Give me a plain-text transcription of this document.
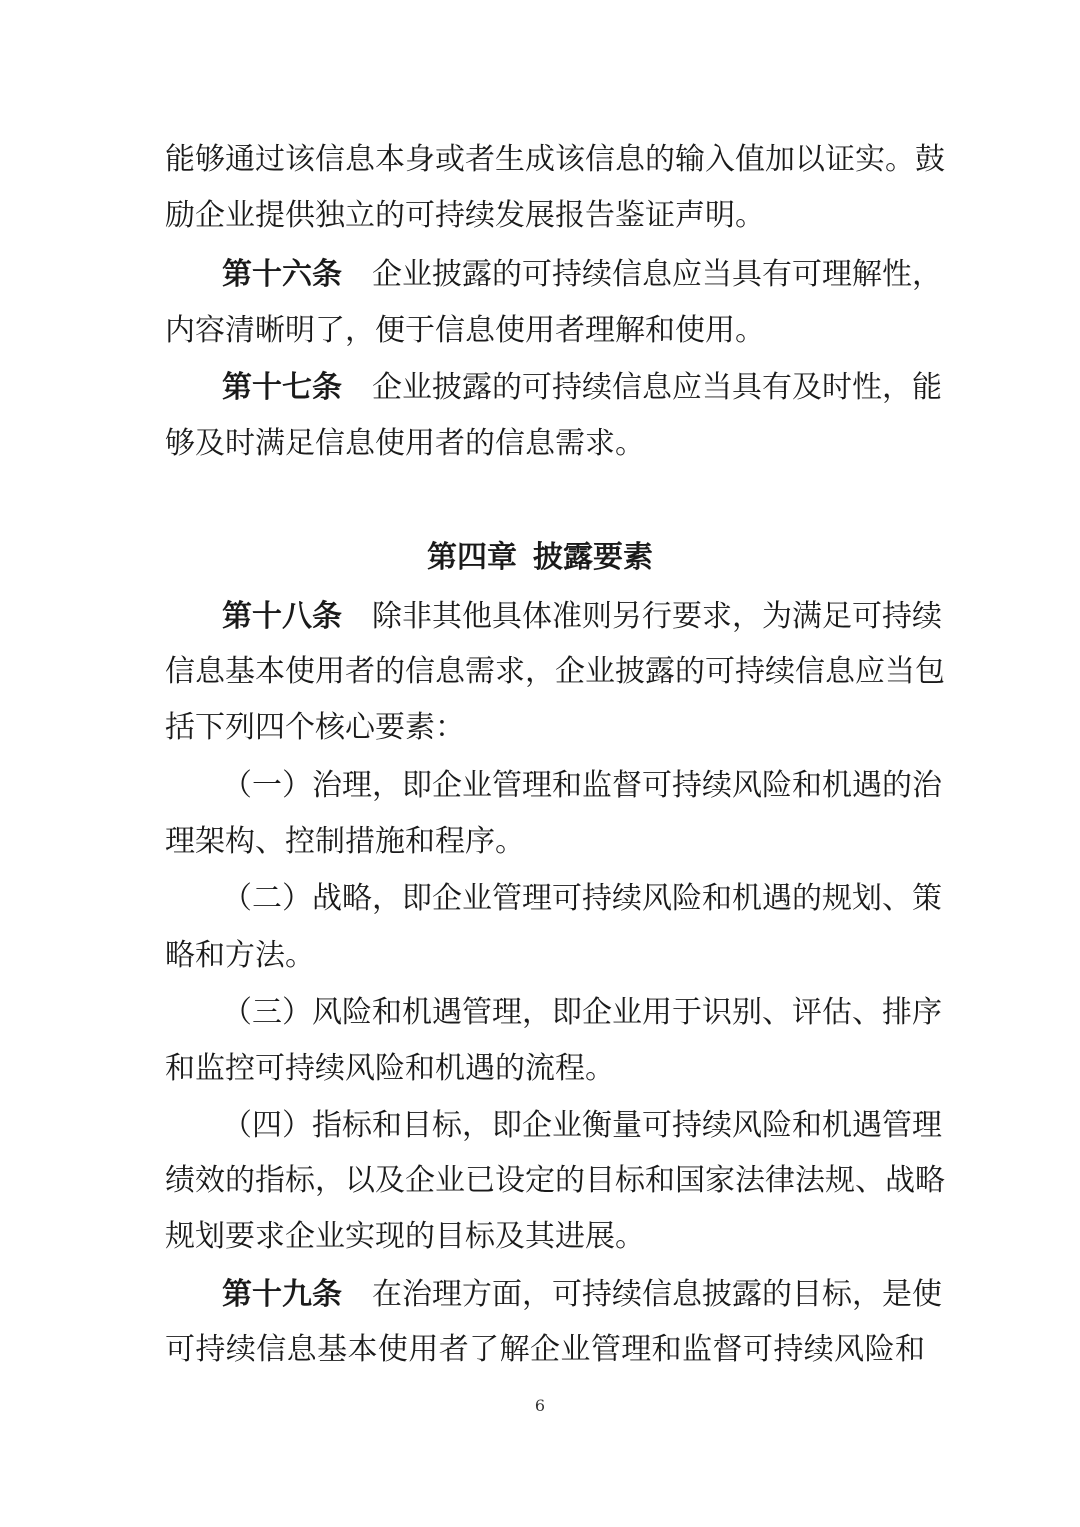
能够通过该信息本身或者生成该信息的输入值加以证实。鼓
励企业提供独立的可持续发展报告鉴证声明。
第十六条　 企业披露的可持续信息应当具有可理解性，
内容清晰明了，便于信息使用者理解和使用。
第十七条　 企业披露的可持续信息应当具有及时性，能
够及时满足信息使用者的信息需求。
第四章 披露要素
第十八条　 除非其他具体准则另行要求，为满足可持续
信息基本使用者的信息需求，企业披露的可持续信息应当包
括下列四个核心要素：
（一）治理，即企业管理和监督可持续风险和机遇的治
理架构、控制措施和程序。
（二）战略，即企业管理可持续风险和机遇的规划、策
略和方法。
（三）风险和机遇管理，即企业用于识别、评估、排序
和监控可持续风险和机遇的流程。
（四）指标和目标，即企业衡量可持续风险和机遇管理
绩效的指标，以及企业已设定的目标和国家法律法规、战略
规划要求企业实现的目标及其进展。
第十九条　 在治理方面，可持续信息披露的目标，是使
可持续信息基本使用者了解企业管理和监督可持续风险和
6
